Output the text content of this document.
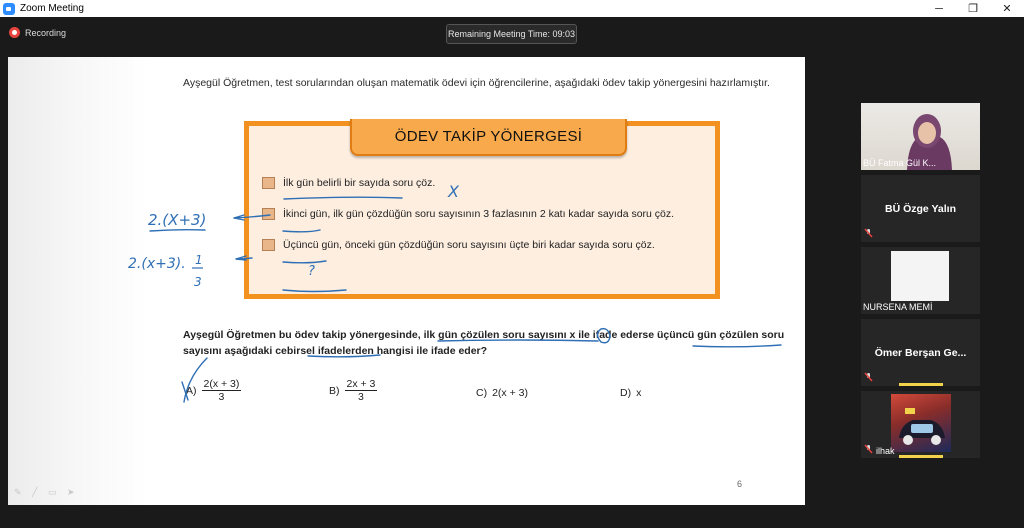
Zoom Meeting	─	❐	✕
Recording	Remaining Meeting Time: 09:03

Ayşegül Öğretmen, test sorularından oluşan matematik ödevi için öğrencilerine, aşağıdaki ödev takip yönergesini hazırlamıştır.

ÖDEV TAKİP YÖNERGESİ
İlk gün belirli bir sayıda soru çöz.
İkinci gün, ilk gün çözdüğün soru sayısının 3 fazlasının 2 katı kadar sayıda soru çöz.
Üçüncü gün, önceki gün çözdüğün soru sayısını üçte biri kadar sayıda soru çöz.

Ayşegül Öğretmen bu ödev takip yönergesinde, ilk gün çözülen soru sayısını x ile ifade ederse üçüncü gün çözülen soru sayısını aşağıdaki cebirsel ifadelerden hangisi ile ifade eder?

$A) \frac{2(x + 3)}{3}$	$B) \frac{2x + 3}{3}$	C) 2(x + 3)	D) x
6
X
2.(X+3)
2.(x+3). 1
3
?
✎ ╱ ▭ ➤
BÜ Fatma Gül K...
BÜ Özge Yalın
NURSENA MEMİ
Ömer Berşan Ge...
ilhak
